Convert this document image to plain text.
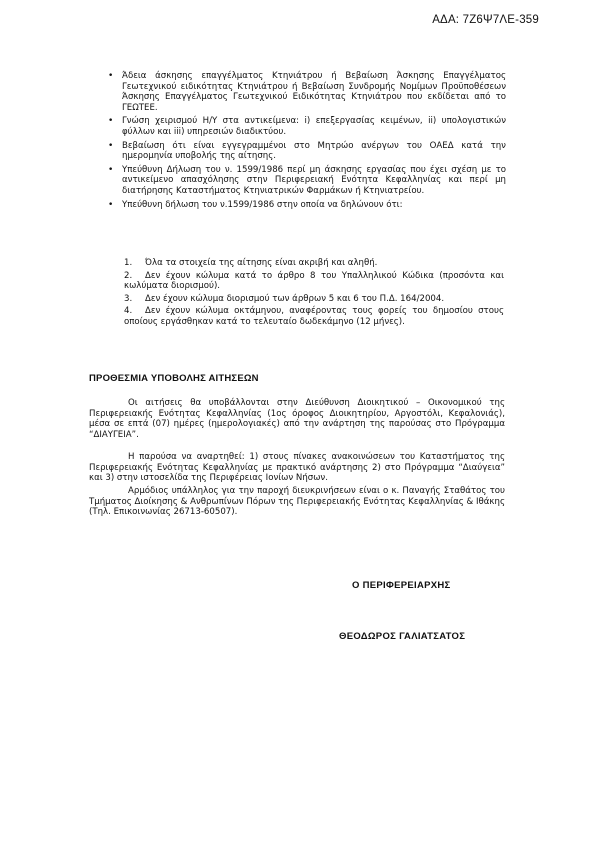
ΑΔΑ: 7Ζ6Ψ7ΛΕ-359
• Άδεια άσκησης επαγγέλματος Κτηνιάτρου ή Βεβαίωση Άσκησης Επαγγέλματος Γεωτεχνικού ειδικότητας Κτηνιάτρου ή Βεβαίωση Συνδρομής Νομίμων Προϋποθέσεων Άσκησης Επαγγέλματος Γεωτεχνικού Ειδικότητας Κτηνιάτρου που εκδίδεται από το ΓΕΩΤΕΕ.
• Γνώση χειρισμού Η/Υ στα αντικείμενα: i) επεξεργασίας κειμένων, ii) υπολογιστικών φύλλων και iii) υπηρεσιών διαδικτύου.
• Βεβαίωση ότι είναι εγγεγραμμένοι στο Μητρώο ανέργων του ΟΑΕΔ κατά την ημερομηνία υποβολής της αίτησης.
• Υπεύθυνη Δήλωση του ν. 1599/1986 περί μη άσκησης εργασίας που έχει σχέση με το αντικείμενο απασχόλησης στην Περιφερειακή Ενότητα Κεφαλληνίας και περί μη διατήρησης Καταστήματος Κτηνιατρικών Φαρμάκων ή Κτηνιατρείου.
• Υπεύθυνη δήλωση του ν.1599/1986 στην οποία να δηλώνουν ότι:
1. Όλα τα στοιχεία της αίτησης είναι ακριβή και αληθή.
2. Δεν έχουν κώλυμα κατά το άρθρο 8 του Υπαλληλικού Κώδικα (προσόντα και κωλύματα διορισμού).
3. Δεν έχουν κώλυμα διορισμού των άρθρων 5 και 6 του Π.Δ. 164/2004.
4. Δεν έχουν κώλυμα οκτάμηνου, αναφέροντας τους φορείς του δημοσίου στους οποίους εργάσθηκαν κατά το τελευταίο δωδεκάμηνο (12 μήνες).
ΠΡΟΘΕΣΜΙΑ ΥΠΟΒΟΛΗΣ ΑΙΤΗΣΕΩΝ

Οι αιτήσεις θα υποβάλλονται στην Διεύθυνση Διοικητικού – Οικονομικού της Περιφερειακής Ενότητας Κεφαλληνίας (1ος όροφος Διοικητηρίου, Αργοστόλι, Κεφαλονιάς), μέσα σε επτά (07) ημέρες (ημερολογιακές) από την ανάρτηση της παρούσας στο Πρόγραμμα “ΔΙΑΥΓΕΙΑ”.

Η παρούσα να αναρτηθεί: 1) στους πίνακες ανακοινώσεων του Καταστήματος της Περιφερειακής Ενότητας Κεφαλληνίας με πρακτικό ανάρτησης 2) στο Πρόγραμμα “Διαύγεια” και 3) στην ιστοσελίδα της Περιφέρειας Ιονίων Νήσων.

Αρμόδιος υπάλληλος για την παροχή διευκρινήσεων είναι ο κ. Παναγής Σταθάτος του Τμήματος Διοίκησης & Ανθρωπίνων Πόρων της Περιφερειακής Ενότητας Κεφαλληνίας & Ιθάκης (Τηλ. Επικοινωνίας 26713-60507).

Ο ΠΕΡΙΦΕΡΕΙΑΡΧΗΣ
ΘΕΟΔΩΡΟΣ ΓΑΛΙΑΤΣΑΤΟΣ
